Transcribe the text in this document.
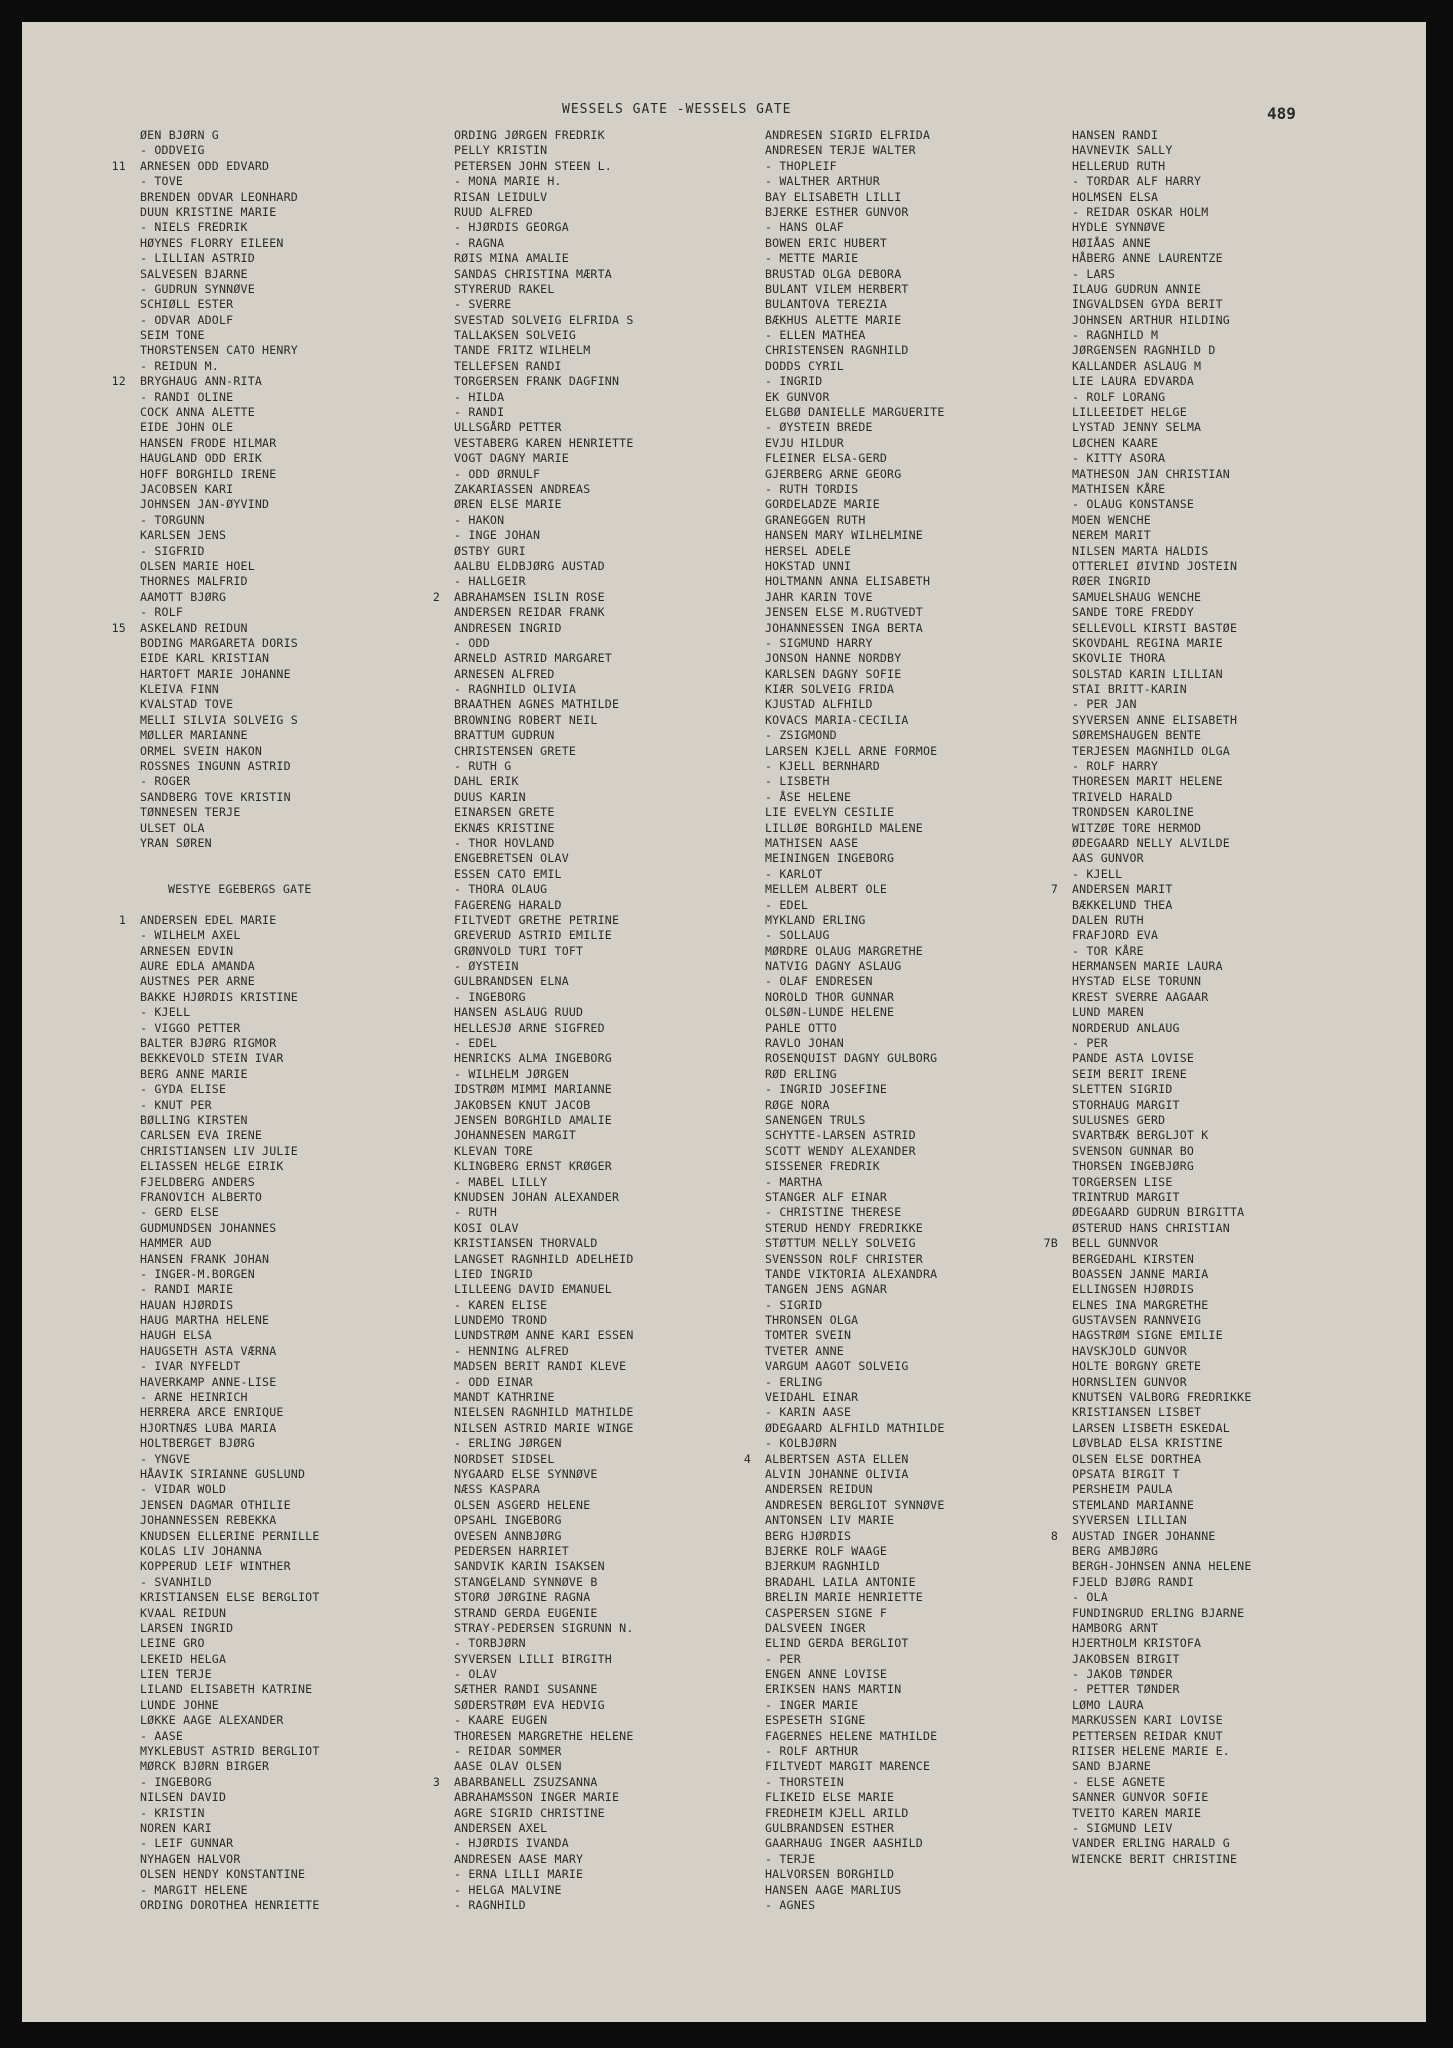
WESSELS GATE -WESSELS GATE	489
ØEN BJØRN G
- ODDVEIG
11 ARNESEN ODD EDVARD
- TOVE
BRENDEN ODVAR LEONHARD
DUUN KRISTINE MARIE
- NIELS FREDRIK
HØYNES FLORRY EILEEN
- LILLIAN ASTRID
SALVESEN BJARNE
- GUDRUN SYNNØVE
SCHIØLL ESTER
- ODVAR ADOLF
SEIM TONE
THORSTENSEN CATO HENRY
- REIDUN M.
12 BRYGHAUG ANN-RITA
- RANDI OLINE
COCK ANNA ALETTE
EIDE JOHN OLE
HANSEN FRODE HILMAR
HAUGLAND ODD ERIK
HOFF BORGHILD IRENE
JACOBSEN KARI
JOHNSEN JAN-ØYVIND
- TORGUNN
KARLSEN JENS
- SIGFRID
OLSEN MARIE HOEL
THORNES MALFRID
AAMOTT BJØRG
- ROLF
15 ASKELAND REIDUN
BODING MARGARETA DORIS
EIDE KARL KRISTIAN
HARTOFT MARIE JOHANNE
KLEIVA FINN
KVALSTAD TOVE
MELLI SILVIA SOLVEIG S
MØLLER MARIANNE
ORMEL SVEIN HAKON
ROSSNES INGUNN ASTRID
- ROGER
SANDBERG TOVE KRISTIN
TØNNESEN TERJE
ULSET OLA
YRAN SØREN
WESTYE EGEBERGS GATE
1 ANDERSEN EDEL MARIE
- WILHELM AXEL
ARNESEN EDVIN
AURE EDLA AMANDA
AUSTNES PER ARNE
BAKKE HJØRDIS KRISTINE
- KJELL
- VIGGO PETTER
BALTER BJØRG RIGMOR
BEKKEVOLD STEIN IVAR
BERG ANNE MARIE
- GYDA ELISE
- KNUT PER
BØLLING KIRSTEN
CARLSEN EVA IRENE
CHRISTIANSEN LIV JULIE
ELIASSEN HELGE EIRIK
FJELDBERG ANDERS
FRANOVICH ALBERTO
- GERD ELSE
GUDMUNDSEN JOHANNES
HAMMER AUD
HANSEN FRANK JOHAN
- INGER-M.BORGEN
- RANDI MARIE
HAUAN HJØRDIS
HAUG MARTHA HELENE
HAUGH ELSA
HAUGSETH ASTA VÆRNA
- IVAR NYFELDT
HAVERKAMP ANNE-LISE
- ARNE HEINRICH
HERRERA ARCE ENRIQUE
HJORTNÆS LUBA MARIA
HOLTBERGET BJØRG
- YNGVE
HÅAVIK SIRIANNE GUSLUND
- VIDAR WOLD
JENSEN DAGMAR OTHILIE
JOHANNESSEN REBEKKA
KNUDSEN ELLERINE PERNILLE
KOLAS LIV JOHANNA
KOPPERUD LEIF WINTHER
- SVANHILD
KRISTIANSEN ELSE BERGLIOT
KVAAL REIDUN
LARSEN INGRID
LEINE GRO
LEKEID HELGA
LIEN TERJE
LILAND ELISABETH KATRINE
LUNDE JOHNE
LØKKE AAGE ALEXANDER
- AASE
MYKLEBUST ASTRID BERGLIOT
MØRCK BJØRN BIRGER
- INGEBORG
NILSEN DAVID
- KRISTIN
NOREN KARI
- LEIF GUNNAR
NYHAGEN HALVOR
OLSEN HENDY KONSTANTINE
- MARGIT HELENE
ORDING DOROTHEA HENRIETTE
ORDING JØRGEN FREDRIK
PELLY KRISTIN
PETERSEN JOHN STEEN L.
- MONA MARIE H.
RISAN LEIDULV
RUUD ALFRED
- HJØRDIS GEORGA
- RAGNA
RØIS MINA AMALIE
SANDAS CHRISTINA MÆRTA
STYRERUD RAKEL
- SVERRE
SVESTAD SOLVEIG ELFRIDA S
TALLAKSEN SOLVEIG
TANDE FRITZ WILHELM
TELLEFSEN RANDI
TORGERSEN FRANK DAGFINN
- HILDA
- RANDI
ULLSGÅRD PETTER
VESTABERG KAREN HENRIETTE
VOGT DAGNY MARIE
- ODD ØRNULF
ZAKARIASSEN ANDREAS
ØREN ELSE MARIE
- HAKON
- INGE JOHAN
ØSTBY GURI
AALBU ELDBJØRG AUSTAD
- HALLGEIR
2 ABRAHAMSEN ISLIN ROSE
ANDERSEN REIDAR FRANK
ANDRESEN INGRID
- ODD
ARNELD ASTRID MARGARET
ARNESEN ALFRED
- RAGNHILD OLIVIA
BRAATHEN AGNES MATHILDE
BROWNING ROBERT NEIL
BRATTUM GUDRUN
CHRISTENSEN GRETE
- RUTH G
DAHL ERIK
DUUS KARIN
EINARSEN GRETE
EKNÆS KRISTINE
- THOR HOVLAND
ENGEBRETSEN OLAV
ESSEN CATO EMIL
- THORA OLAUG
FAGERENG HARALD
FILTVEDT GRETHE PETRINE
GREVERUD ASTRID EMILIE
GRØNVOLD TURI TOFT
- ØYSTEIN
GULBRANDSEN ELNA
- INGEBORG
HANSEN ASLAUG RUUD
HELLESJØ ARNE SIGFRED
- EDEL
HENRICKS ALMA INGEBORG
- WILHELM JØRGEN
IDSTRØM MIMMI MARIANNE
JAKOBSEN KNUT JACOB
JENSEN BORGHILD AMALIE
JOHANNESEN MARGIT
KLEVAN TORE
KLINGBERG ERNST KRØGER
- MABEL LILLY
KNUDSEN JOHAN ALEXANDER
- RUTH
KOSI OLAV
KRISTIANSEN THORVALD
LANGSET RAGNHILD ADELHEID
LIED INGRID
LILLEENG DAVID EMANUEL
- KAREN ELISE
LUNDEMO TROND
LUNDSTRØM ANNE KARI ESSEN
- HENNING ALFRED
MADSEN BERIT RANDI KLEVE
- ODD EINAR
MANDT KATHRINE
NIELSEN RAGNHILD MATHILDE
NILSEN ASTRID MARIE WINGE
- ERLING JØRGEN
NORDSET SIDSEL
NYGAARD ELSE SYNNØVE
NÆSS KASPARA
OLSEN ASGERD HELENE
OPSAHL INGEBORG
OVESEN ANNBJØRG
PEDERSEN HARRIET
SANDVIK KARIN ISAKSEN
STANGELAND SYNNØVE B
STORØ JØRGINE RAGNA
STRAND GERDA EUGENIE
STRAY-PEDERSEN SIGRUNN N.
- TORBJØRN
SYVERSEN LILLI BIRGITH
- OLAV
SÆTHER RANDI SUSANNE
SØDERSTRØM EVA HEDVIG
- KAARE EUGEN
THORESEN MARGRETHE HELENE
- REIDAR SOMMER
AASE OLAV OLSEN
3 ABARBANELL ZSUZSANNA
ABRAHAMSSON INGER MARIE
AGRE SIGRID CHRISTINE
ANDERSEN AXEL
- HJØRDIS IVANDA
ANDRESEN AASE MARY
- ERNA LILLI MARIE
- HELGA MALVINE
- RAGNHILD
ANDRESEN SIGRID ELFRIDA
ANDRESEN TERJE WALTER
- THOPLEIF
- WALTHER ARTHUR
BAY ELISABETH LILLI
BJERKE ESTHER GUNVOR
- HANS OLAF
BOWEN ERIC HUBERT
- METTE MARIE
BRUSTAD OLGA DEBORA
BULANT VILEM HERBERT
BULANTOVA TEREZIA
BÆKHUS ALETTE MARIE
- ELLEN MATHEA
CHRISTENSEN RAGNHILD
DODDS CYRIL
- INGRID
EK GUNVOR
ELGBØ DANIELLE MARGUERITE
- ØYSTEIN BREDE
EVJU HILDUR
FLEINER ELSA-GERD
GJERBERG ARNE GEORG
- RUTH TORDIS
GORDELADZE MARIE
GRANEGGEN RUTH
HANSEN MARY WILHELMINE
HERSEL ADELE
HOKSTAD UNNI
HOLTMANN ANNA ELISABETH
JAHR KARIN TOVE
JENSEN ELSE M.RUGTVEDT
JOHANNESSEN INGA BERTA
- SIGMUND HARRY
JONSON HANNE NORDBY
KARLSEN DAGNY SOFIE
KIÆR SOLVEIG FRIDA
KJUSTAD ALFHILD
KOVACS MARIA-CECILIA
- ZSIGMOND
LARSEN KJELL ARNE FORMOE
- KJELL BERNHARD
- LISBETH
- ÅSE HELENE
LIE EVELYN CESILIE
LILLØE BORGHILD MALENE
MATHISEN AASE
MEININGEN INGEBORG
- KARLOT
MELLEM ALBERT OLE
- EDEL
MYKLAND ERLING
- SOLLAUG
MØRDRE OLAUG MARGRETHE
NATVIG DAGNY ASLAUG
- OLAF ENDRESEN
NOROLD THOR GUNNAR
OLSØN-LUNDE HELENE
PAHLE OTTO
RAVLO JOHAN
ROSENQUIST DAGNY GULBORG
RØD ERLING
- INGRID JOSEFINE
RØGE NORA
SANENGEN TRULS
SCHYTTE-LARSEN ASTRID
SCOTT WENDY ALEXANDER
SISSENER FREDRIK
- MARTHA
STANGER ALF EINAR
- CHRISTINE THERESE
STERUD HENDY FREDRIKKE
STØTTUM NELLY SOLVEIG
SVENSSON ROLF CHRISTER
TANDE VIKTORIA ALEXANDRA
TANGEN JENS AGNAR
- SIGRID
THRONSEN OLGA
TOMTER SVEIN
TVETER ANNE
VARGUM AAGOT SOLVEIG
- ERLING
VEIDAHL EINAR
- KARIN AASE
ØDEGAARD ALFHILD MATHILDE
- KOLBJØRN
4 ALBERTSEN ASTA ELLEN
ALVIN JOHANNE OLIVIA
ANDERSEN REIDUN
ANDRESEN BERGLIOT SYNNØVE
ANTONSEN LIV MARIE
BERG HJØRDIS
BJERKE ROLF WAAGE
BJERKUM RAGNHILD
BRADAHL LAILA ANTONIE
BRELIN MARIE HENRIETTE
CASPERSEN SIGNE F
DALSVEEN INGER
ELIND GERDA BERGLIOT
- PER
ENGEN ANNE LOVISE
ERIKSEN HANS MARTIN
- INGER MARIE
ESPESETH SIGNE
FAGERNES HELENE MATHILDE
- ROLF ARTHUR
FILTVEDT MARGIT MARENCE
- THORSTEIN
FLIKEID ELSE MARIE
FREDHEIM KJELL ARILD
GULBRANDSEN ESTHER
GAARHAUG INGER AASHILD
- TERJE
HALVORSEN BORGHILD
HANSEN AAGE MARLIUS
- AGNES
HANSEN RANDI
HAVNEVIK SALLY
HELLERUD RUTH
- TORDAR ALF HARRY
HOLMSEN ELSA
- REIDAR OSKAR HOLM
HYDLE SYNNØVE
HØIÅAS ANNE
HÅBERG ANNE LAURENTZE
- LARS
ILAUG GUDRUN ANNIE
INGVALDSEN GYDA BERIT
JOHNSEN ARTHUR HILDING
- RAGNHILD M
JØRGENSEN RAGNHILD D
KALLANDER ASLAUG M
LIE LAURA EDVARDA
- ROLF LORANG
LILLEEIDET HELGE
LYSTAD JENNY SELMA
LØCHEN KAARE
- KITTY ASORA
MATHESON JAN CHRISTIAN
MATHISEN KÅRE
- OLAUG KONSTANSE
MOEN WENCHE
NEREM MARIT
NILSEN MARTA HALDIS
OTTERLEI ØIVIND JOSTEIN
RØER INGRID
SAMUELSHAUG WENCHE
SANDE TORE FREDDY
SELLEVOLL KIRSTI BASTØE
SKOVDAHL REGINA MARIE
SKOVLIE THORA
SOLSTAD KARIN LILLIAN
STAI BRITT-KARIN
- PER JAN
SYVERSEN ANNE ELISABETH
SØREMSHAUGEN BENTE
TERJESEN MAGNHILD OLGA
- ROLF HARRY
THORESEN MARIT HELENE
TRIVELD HARALD
TRONDSEN KAROLINE
WITZØE TORE HERMOD
ØDEGAARD NELLY ALVILDE
AAS GUNVOR
- KJELL
7 ANDERSEN MARIT
BÆKKELUND THEA
DALEN RUTH
FRAFJORD EVA
- TOR KÅRE
HERMANSEN MARIE LAURA
HYSTAD ELSE TORUNN
KREST SVERRE AAGAAR
LUND MAREN
NORDERUD ANLAUG
- PER
PANDE ASTA LOVISE
SEIM BERIT IRENE
SLETTEN SIGRID
STORHAUG MARGIT
SULUSNES GERD
SVARTBÆK BERGLJOT K
SVENSON GUNNAR BO
THORSEN INGEBJØRG
TORGERSEN LISE
TRINTRUD MARGIT
ØDEGAARD GUDRUN BIRGITTA
ØSTERUD HANS CHRISTIAN
7B BELL GUNNVOR
BERGEDAHL KIRSTEN
BOASSEN JANNE MARIA
ELLINGSEN HJØRDIS
ELNES INA MARGRETHE
GUSTAVSEN RANNVEIG
HAGSTRØM SIGNE EMILIE
HAVSKJOLD GUNVOR
HOLTE BORGNY GRETE
HORNSLIEN GUNVOR
KNUTSEN VALBORG FREDRIKKE
KRISTIANSEN LISBET
LARSEN LISBETH ESKEDAL
LØVBLAD ELSA KRISTINE
OLSEN ELSE DORTHEA
OPSATA BIRGIT T
PERSHEIM PAULA
STEMLAND MARIANNE
SYVERSEN LILLIAN
8 AUSTAD INGER JOHANNE
BERG AMBJØRG
BERGH-JOHNSEN ANNA HELENE
FJELD BJØRG RANDI
- OLA
FUNDINGRUD ERLING BJARNE
HAMBORG ARNT
HJERTHOLM KRISTOFA
JAKOBSEN BIRGIT
- JAKOB TØNDER
- PETTER TØNDER
LØMO LAURA
MARKUSSEN KARI LOVISE
PETTERSEN REIDAR KNUT
RIISER HELENE MARIE E.
SAND BJARNE
- ELSE AGNETE
SANNER GUNVOR SOFIE
TVEITO KAREN MARIE
- SIGMUND LEIV
VANDER ERLING HARALD G
WIENCKE BERIT CHRISTINE
